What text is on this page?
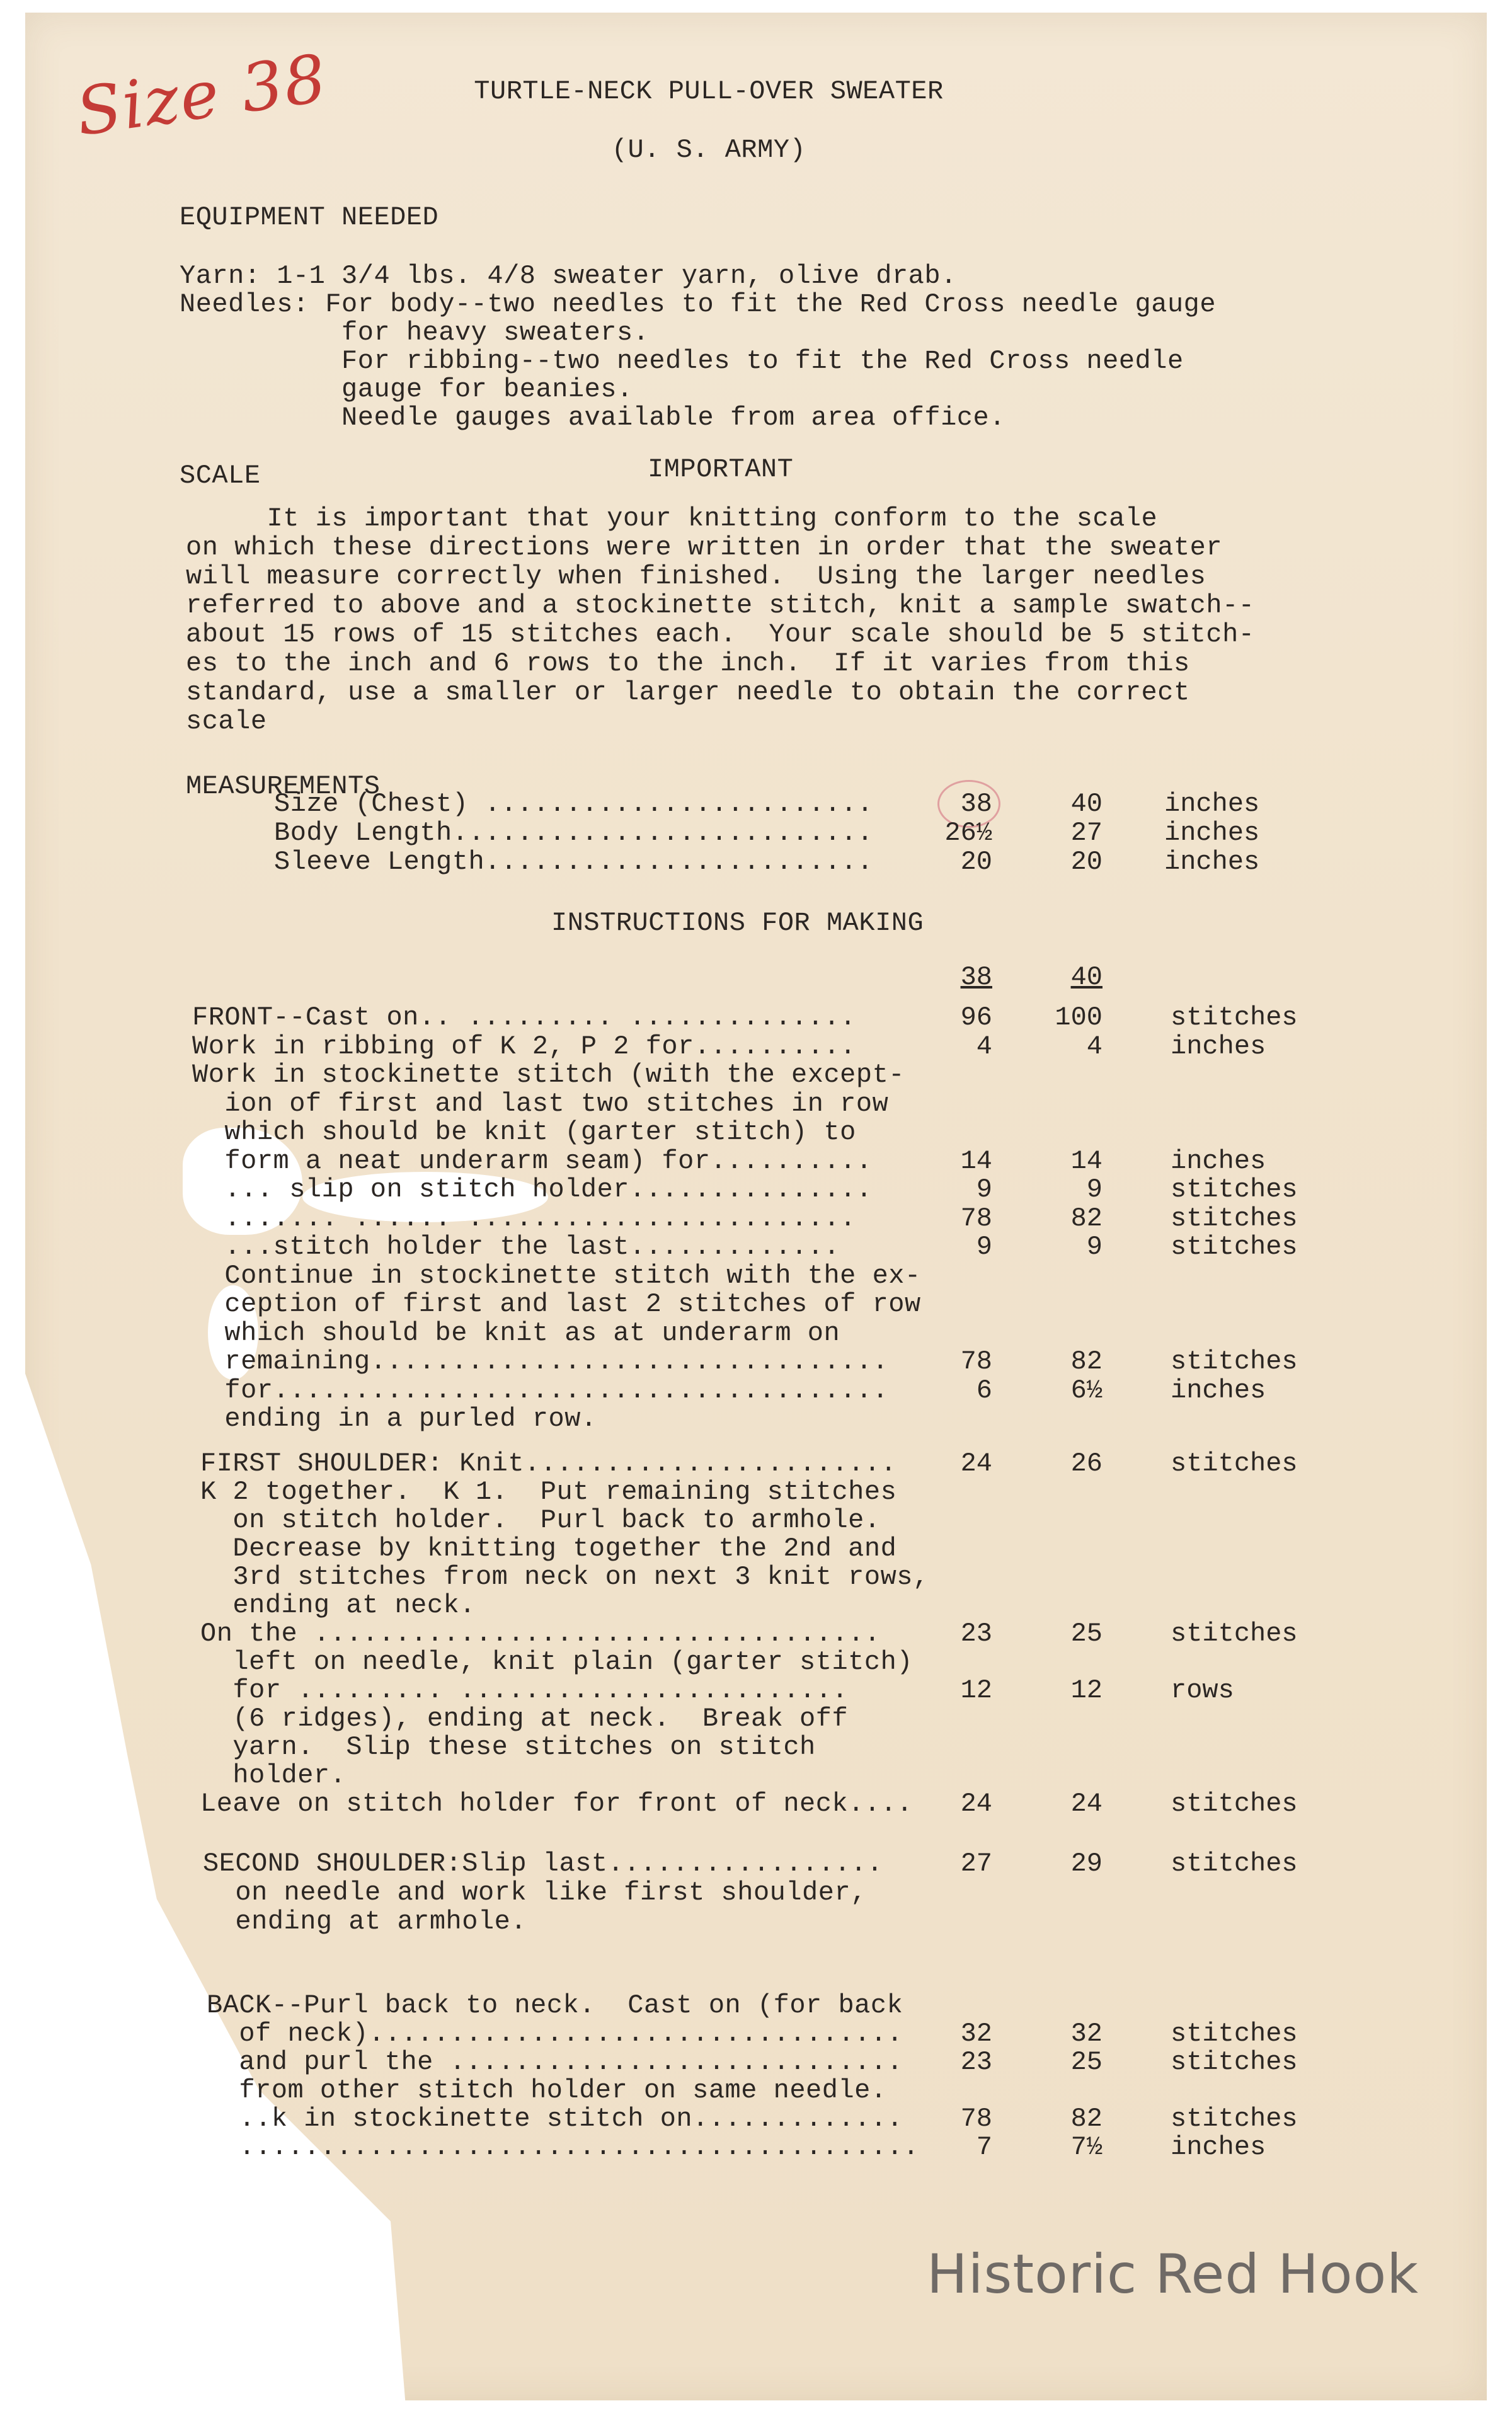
Size 38	TURTLE-NECK PULL-OVER SWEATER
(U. S. ARMY)
EQUIPMENT NEEDED
SCALE	IMPORTANT
MEASUREMENTS
INSTRUCTIONS FOR MAKING
38	40
Historic Red Hook
Yarn: 1-1 3/4 lbs. 4/8 sweater yarn, olive drab.
Needles: For body--two needles to fit the Red Cross needle gauge
for heavy sweaters.
For ribbing--two needles to fit the Red Cross needle
gauge for beanies.
Needle gauges available from area office.
It is important that your knitting conform to the scale
on which these directions were written in order that the sweater
will measure correctly when finished.  Using the larger needles
referred to above and a stockinette stitch, knit a sample swatch--
about 15 rows of 15 stitches each.  Your scale should be 5 stitch-
es to the inch and 6 rows to the inch.  If it varies from this
standard, use a smaller or larger needle to obtain the correct
scale
Size (Chest) ........................	38	40 inches
Body Length..........................	26½	27 inches
Sleeve Length........................	20	20 inches
FRONT--Cast on.. ......... ..............	96	100	stitches
Work in ribbing of K 2, P 2 for..........	4	4	inches
Work in stockinette stitch (with the except-
ion of first and last two stitches in row
which should be knit (garter stitch) to
form a neat underarm seam) for..........	14	14	inches
... slip on stitch holder...............	9	9	stitches
....... ...... ........................	78	82	stitches
...stitch holder the last.............	9	9	stitches
Continue in stockinette stitch with the ex-
ception of first and last 2 stitches of row
which should be knit as at underarm on
remaining................................	78	82	stitches
for......................................	6	6½	inches
ending in a purled row.
FIRST SHOULDER: Knit.......................	24	26	stitches
K 2 together.  K 1.  Put remaining stitches
on stitch holder.  Purl back to armhole.
Decrease by knitting together the 2nd and
3rd stitches from neck on next 3 knit rows,
ending at neck.
On the ...................................	23	25	stitches
left on needle, knit plain (garter stitch)
for ......... ........................	12	12	rows
(6 ridges), ending at neck.  Break off
yarn.  Slip these stitches on stitch
holder.
Leave on stitch holder for front of neck....	24	24	stitches
SECOND SHOULDER:Slip last.................	27	29	stitches
on needle and work like first shoulder,
ending at armhole.
BACK--Purl back to neck.  Cast on (for back
of neck).................................	32	32	stitches
and purl the ............................	23	25	stitches
from other stitch holder on same needle.
..k in stockinette stitch on.............	78	82	stitches
..........................................	7	7½	inches
